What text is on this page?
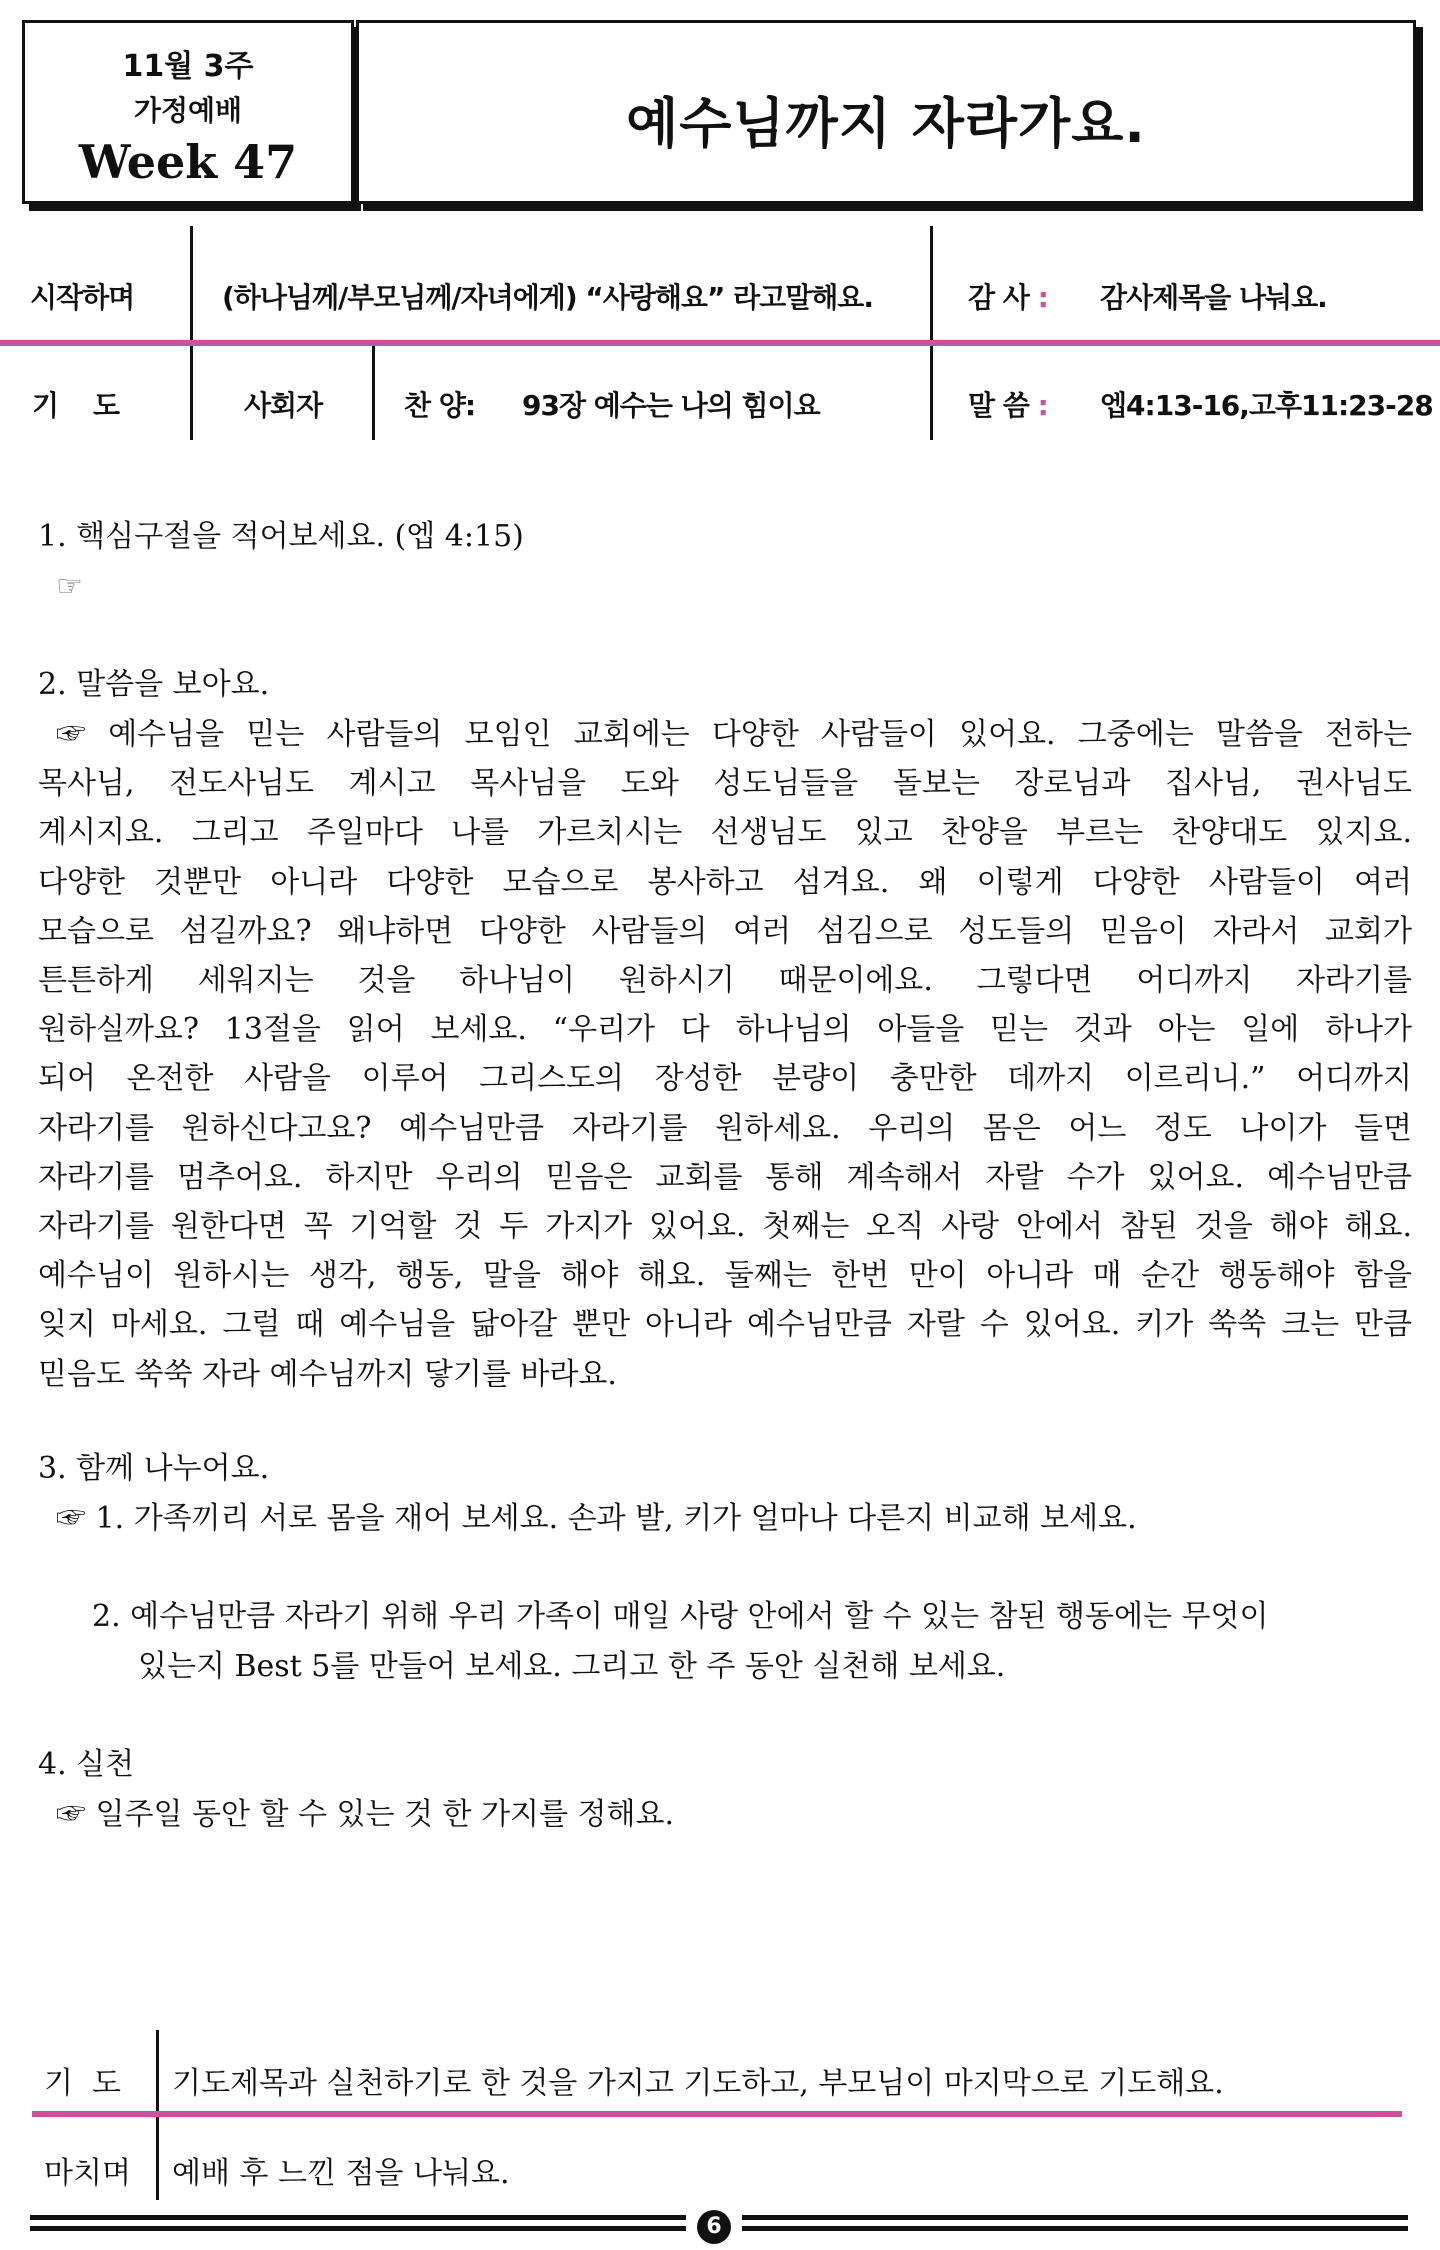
11월 3주
가정예배
Week 47
예수님까지 자라가요.
시작하며	(하나님께/부모님께/자녀에게) “사랑해요” 라고말해요.	감 사 : 감사제목을 나눠요.
기    도	사회자	찬 양: 93장 예수는 나의 힘이요	말 씀 : 엡4:13-16,고후11:23-28
1. 핵심구절을 적어보세요. (엡 4:15)
☞
2. 말씀을 보아요.
☞ 예수님을 믿는 사람들의 모임인 교회에는 다양한 사람들이 있어요. 그중에는 말씀을 전하는
목사님, 전도사님도 계시고 목사님을 도와 성도님들을 돌보는 장로님과 집사님, 권사님도
계시지요. 그리고 주일마다 나를 가르치시는 선생님도 있고 찬양을 부르는 찬양대도 있지요.
다양한 것뿐만 아니라 다양한 모습으로 봉사하고 섬겨요. 왜 이렇게 다양한 사람들이 여러
모습으로 섬길까요? 왜냐하면 다양한 사람들의 여러 섬김으로 성도들의 믿음이 자라서 교회가
튼튼하게 세워지는 것을 하나님이 원하시기 때문이에요. 그렇다면 어디까지 자라기를
원하실까요? 13절을 읽어 보세요. “우리가 다 하나님의 아들을 믿는 것과 아는 일에 하나가
되어 온전한 사람을 이루어 그리스도의 장성한 분량이 충만한 데까지 이르리니.” 어디까지
자라기를 원하신다고요? 예수님만큼 자라기를 원하세요. 우리의 몸은 어느 정도 나이가 들면
자라기를 멈추어요. 하지만 우리의 믿음은 교회를 통해 계속해서 자랄 수가 있어요. 예수님만큼
자라기를 원한다면 꼭 기억할 것 두 가지가 있어요. 첫째는 오직 사랑 안에서 참된 것을 해야 해요.
예수님이 원하시는 생각, 행동, 말을 해야 해요. 둘째는 한번 만이 아니라 매 순간 행동해야 함을
잊지 마세요. 그럴 때 예수님을 닮아갈 뿐만 아니라 예수님만큼 자랄 수 있어요. 키가 쑥쑥 크는 만큼
믿음도 쑥쑥 자라 예수님까지 닿기를 바라요.
3. 함께 나누어요.
☞ 1. 가족끼리 서로 몸을 재어 보세요. 손과 발, 키가 얼마나 다른지 비교해 보세요.
2. 예수님만큼 자라기 위해 우리 가족이 매일 사랑 안에서 할 수 있는 참된 행동에는 무엇이
있는지 Best 5를 만들어 보세요. 그리고 한 주 동안 실천해 보세요.
4. 실천
☞ 일주일 동안 할 수 있는 것 한 가지를 정해요.
기  도 기도제목과 실천하기로 한 것을 가지고 기도하고, 부모님이 마지막으로 기도해요.
마치며 예배 후 느낀 점을 나눠요.
6
